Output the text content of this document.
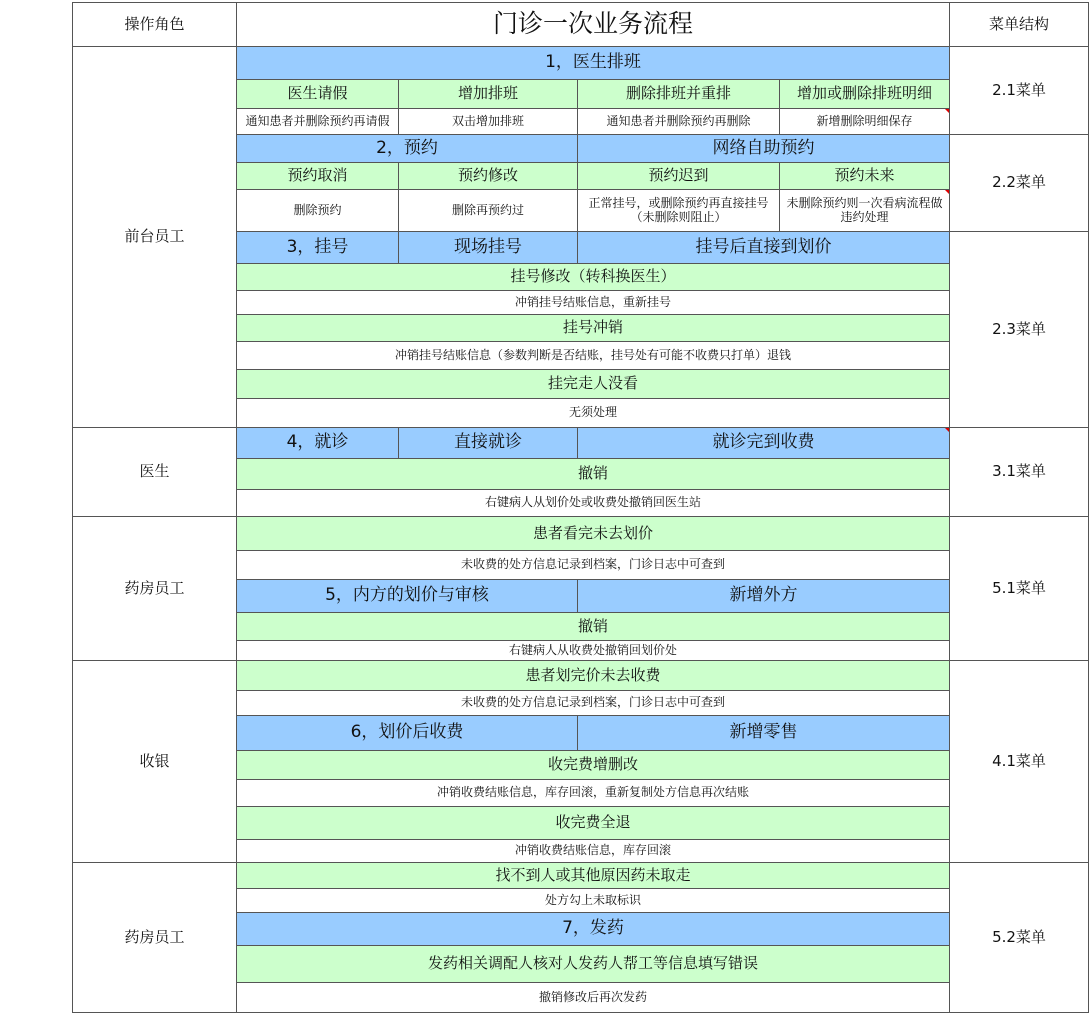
操作角色	门诊一次业务流程				菜单结构
前台员工	1，医生排班				2.1菜单
	医生请假	增加排班	删除排班并重排	增加或删除排班明细	
	通知患者并删除预约再请假	双击增加排班	通知患者并删除预约再删除	新增删除明细保存	
	2，预约		网络自助预约		2.2菜单
	预约取消	预约修改	预约迟到	预约未来	
	删除预约	删除再预约过	正常挂号，或删除预约再直接挂号（未删除则阻止）	未删除预约则一次看病流程做违约处理	
	3，挂号	现场挂号	挂号后直接到划价		2.3菜单
	挂号修改（转科换医生）				
	冲销挂号结账信息，重新挂号				
	挂号冲销				
	冲销挂号结账信息（参数判断是否结账，挂号处有可能不收费只打单）退钱				
	挂完走人没看				
	无须处理				
医生	4，就诊	直接就诊	就诊完到收费		3.1菜单
	撤销				
	右键病人从划价处或收费处撤销回医生站				
药房员工	患者看完未去划价				5.1菜单
	未收费的处方信息记录到档案，门诊日志中可查到				
	5，内方的划价与审核		新增外方		
	撤销				
	右键病人从收费处撤销回划价处				
收银	患者划完价未去收费				4.1菜单
	未收费的处方信息记录到档案，门诊日志中可查到				
	6，划价后收费		新增零售		
	收完费增删改				
	冲销收费结账信息，库存回滚，重新复制处方信息再次结账				
	收完费全退				
	冲销收费结账信息，库存回滚				
药房员工	找不到人或其他原因药未取走				5.2菜单
	处方勾上未取标识				
	7，发药				
	发药相关调配人核对人发药人帮工等信息填写错误				
	撤销修改后再次发药				
